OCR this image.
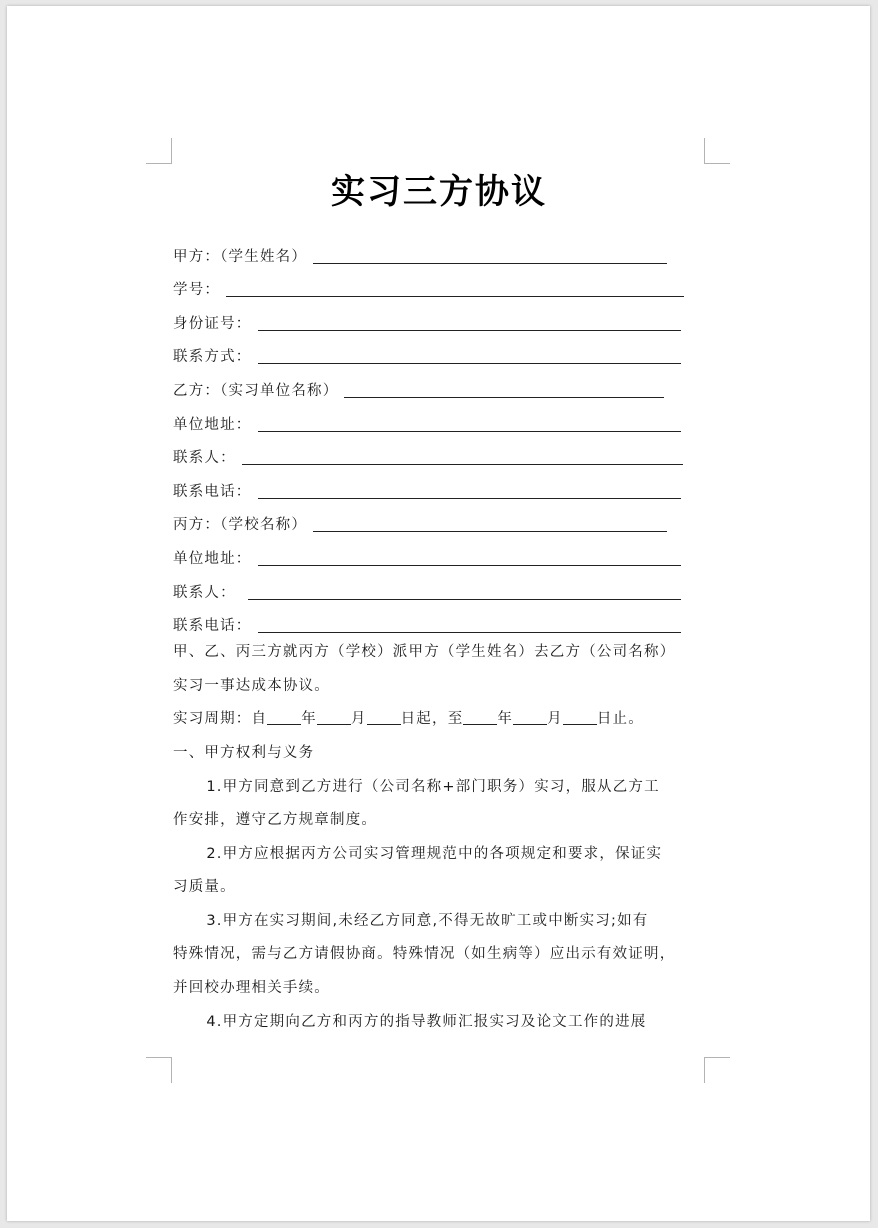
实习三方协议
甲方：（学生姓名）
学号：
身份证号：
联系方式：
乙方：（实习单位名称）
单位地址：
联系人：
联系电话：
丙方：（学校名称）
单位地址：
联系人：
联系电话：

甲、乙、丙三方就丙方（学校）派甲方（学生姓名）去乙方（公司名称）

实习一事达成本协议。

实习周期：自 年 月 日起，至 年 月 日止。

一、甲方权利与义务

1.甲方同意到乙方进行（公司名称+部门职务）实习，服从乙方工

作安排，遵守乙方规章制度。

2.甲方应根据丙方公司实习管理规范中的各项规定和要求，保证实

习质量。

3.甲方在实习期间,未经乙方同意,不得无故旷工或中断实习;如有

特殊情况，需与乙方请假协商。特殊情况（如生病等）应出示有效证明，

并回校办理相关手续。

4.甲方定期向乙方和丙方的指导教师汇报实习及论文工作的进展
